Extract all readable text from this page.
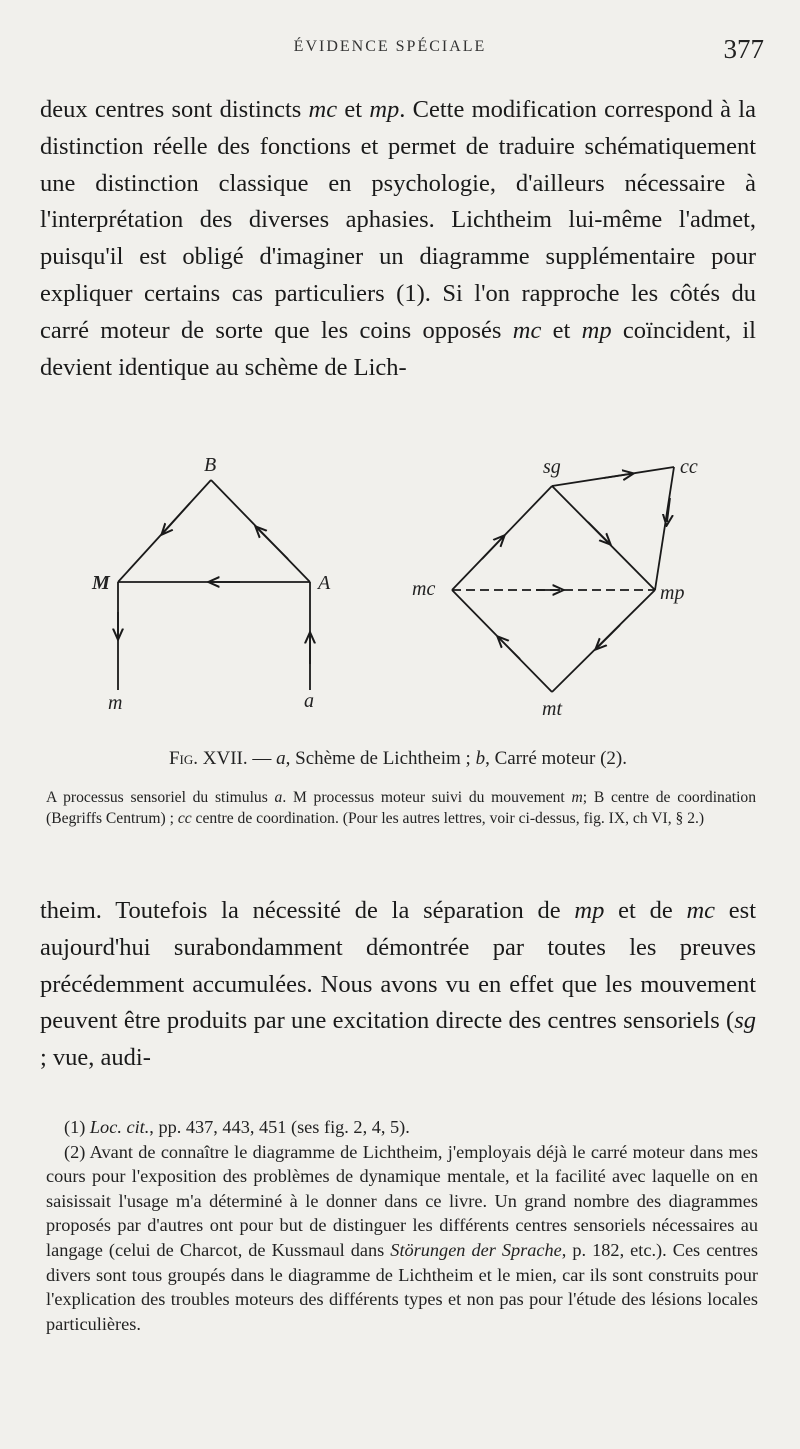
ÉVIDENCE SPÉCIALE	377

deux centres sont distincts mc et mp. Cette modification correspond à la distinction réelle des fonctions et permet de traduire schématiquement une distinction classique en psychologie, d'ailleurs nécessaire à l'interprétation des diverses aphasies. Lichtheim lui-même l'admet, puisqu'il est obligé d'imaginer un diagramme supplémentaire pour expliquer certains cas particuliers (1). Si l'on rapproche les côtés du carré moteur de sorte que les coins opposés mc et mp coïncident, il devient identique au schème de Lich-

B
M	A
m	a
sg	cc
mc	mp
mt

Fig. XVII. — a, Schème de Lichtheim ; b, Carré moteur (2).

A processus sensoriel du stimulus a. M processus moteur suivi du mouvement m; B centre de coordination (Begriffs Centrum) ; cc centre de coordination. (Pour les autres lettres, voir ci-dessus, fig. IX, ch VI, § 2.)

theim. Toutefois la nécessité de la séparation de mp et de mc est aujourd'hui surabondamment démontrée par toutes les preuves précédemment accumulées. Nous avons vu en effet que les mouvement peuvent être produits par une excitation directe des centres sensoriels (sg ; vue, audi-

(1) Loc. cit., pp. 437, 443, 451 (ses fig. 2, 4, 5).

(2) Avant de connaître le diagramme de Lichtheim, j'employais déjà le carré moteur dans mes cours pour l'exposition des problèmes de dynamique mentale, et la facilité avec laquelle on en saisissait l'usage m'a déterminé à le donner dans ce livre. Un grand nombre des diagrammes proposés par d'autres ont pour but de distinguer les différents centres sensoriels nécessaires au langage (celui de Charcot, de Kussmaul dans Störungen der Sprache, p. 182, etc.). Ces centres divers sont tous groupés dans le diagramme de Lichtheim et le mien, car ils sont construits pour l'explication des troubles moteurs des différents types et non pas pour l'étude des lésions locales particulières.
